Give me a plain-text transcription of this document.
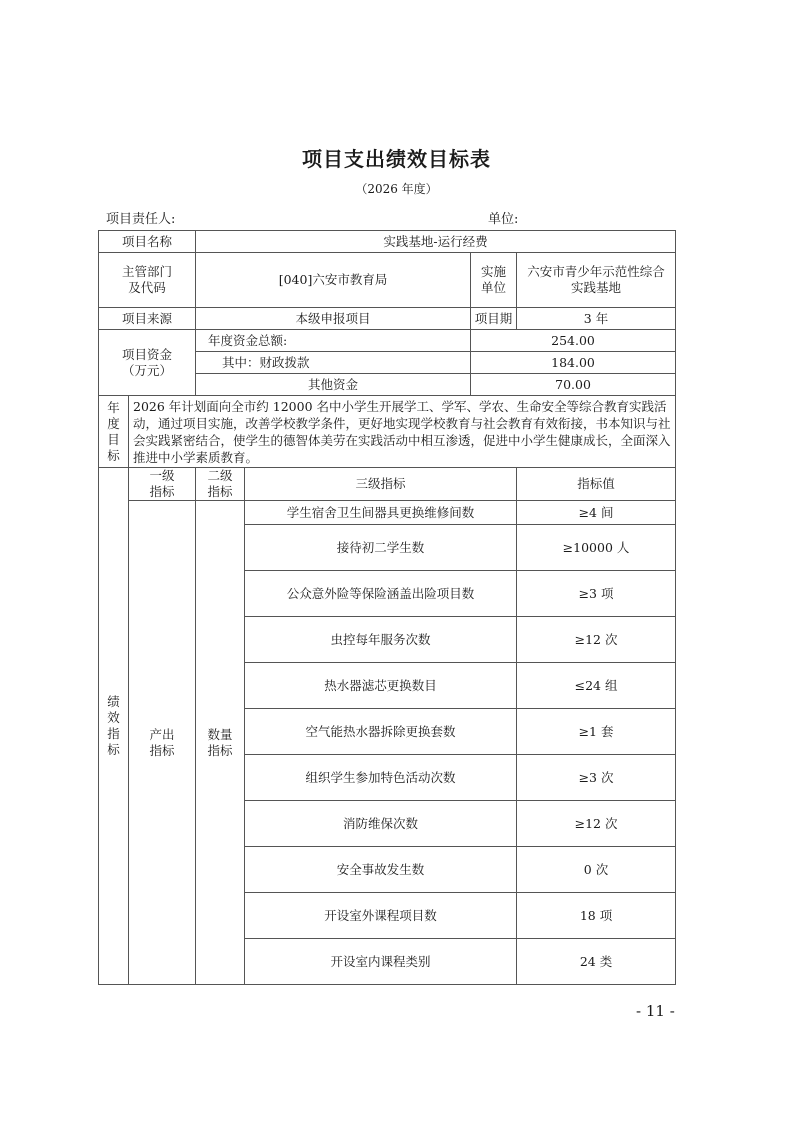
项目支出绩效目标表
（2026 年度）
项目责任人:	单位:
项目名称		实践基地-运行经费			
主管部门及代码		[040]六安市教育局		实施单位	六安市青少年示范性综合实践基地
项目来源		本级申报项目		项目期	3 年
项目资金（万元）		年度资金总额:		254.00	
		其中：财政拨款		184.00	
		其他资金		70.00	
年度目标	2026 年计划面向全市约 12000 名中小学生开展学工、学军、学农、生命安全等综合教育实践活动，通过项目实施，改善学校教学条件，更好地实现学校教育与社会教育有效衔接，书本知识与社会实践紧密结合，使学生的德智体美劳在实践活动中相互渗透，促进中小学生健康成长，全面深入推进中小学素质教育。				
绩效指标	一级指标	二级指标	三级指标		指标值
	产出指标	数量指标	学生宿舍卫生间器具更换维修间数		≥4 间
			接待初二学生数		≥10000 人
			公众意外险等保险涵盖出险项目数		≥3 项
			虫控每年服务次数		≥12 次
			热水器滤芯更换数目		≤24 组
			空气能热水器拆除更换套数		≥1 套
			组织学生参加特色活动次数		≥3 次
			消防维保次数		≥12 次
			安全事故发生数		0 次
			开设室外课程项目数		18 项
			开设室内课程类别		24 类
- 11 -
